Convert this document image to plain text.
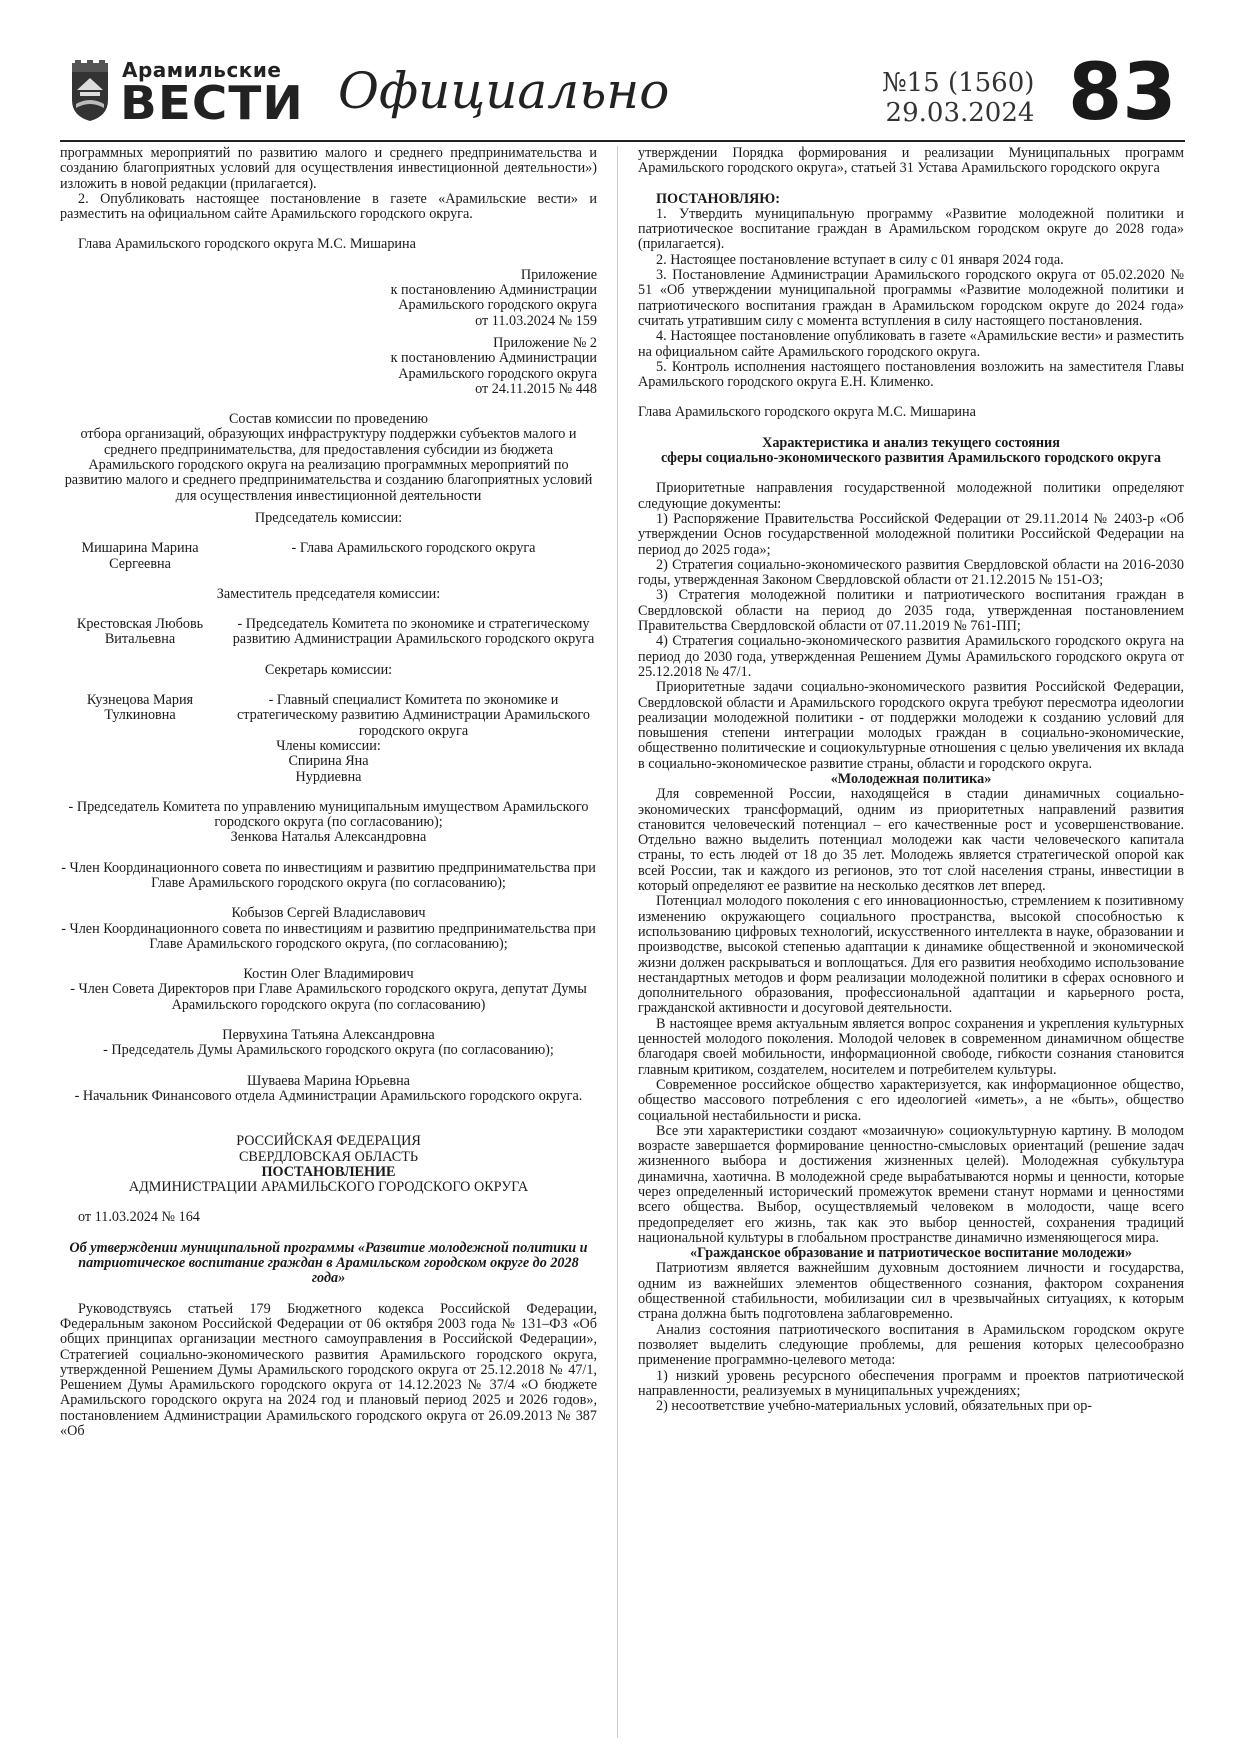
Арамильские
ВЕСТИ Официально	№15 (1560)
29.03.2024 83

программных мероприятий по развитию малого и среднего предпринимательства и созданию благоприятных условий для осуществления инвестиционной деятельности») изложить в новой редакции (прилагается).

2. Опубликовать настоящее постановление в газете «Арамильские вести» и разместить на официальном сайте Арамильского городского округа.

Глава Арамильского городского округа М.С. Мишарина

Приложение
к постановлению Администрации
Арамильского городского округа
от 11.03.2024 № 159
Приложение № 2
к постановлению Администрации
Арамильского городского округа
от 24.11.2015 № 448

Состав комиссии по проведению

отбора организаций, образующих инфраструктуру поддержки субъектов малого и среднего предпринимательства, для предоставления субсидии из бюджета Арамильского городского округа на реализацию программных мероприятий по развитию малого и среднего предпринимательства и созданию благоприятных условий для осуществления инвестиционной деятельности

Председатель комиссии:

Мишарина Марина Сергеевна
- Глава Арамильского городского округа

Заместитель председателя комиссии:

Крестовская Любовь Витальевна
- Председатель Комитета по экономике и стратегическому развитию Администрации Арамильского городского округа

Секретарь комиссии:

Кузнецова Мария Тулкиновна
- Главный специалист Комитета по экономике и стратегическому развитию Администрации Арамильского городского округа

Члены комиссии:

Спирина Яна

Нурдиевна

- Председатель Комитета по управлению муниципальным имуществом Арамильского городского округа (по согласованию);

Зенкова Наталья Александровна

- Член Координационного совета по инвестициям и развитию предпринимательства при Главе Арамильского городского округа (по согласованию);

Кобызов Сергей Владиславович

- Член Координационного совета по инвестициям и развитию предпринимательства при Главе Арамильского городского округа, (по согласованию);

Костин Олег Владимирович

- Член Совета Директоров при Главе Арамильского городского округа, депутат Думы Арамильского городского округа (по согласованию)

Первухина Татьяна Александровна

- Председатель Думы Арамильского городского округа (по согласованию);

Шуваева Марина Юрьевна

- Начальник Финансового отдела Администрации Арамильского городского округа.

РОССИЙСКАЯ ФЕДЕРАЦИЯ

СВЕРДЛОВСКАЯ ОБЛАСТЬ

ПОСТАНОВЛЕНИЕ

АДМИНИСТРАЦИИ АРАМИЛЬСКОГО ГОРОДСКОГО ОКРУГА

от 11.03.2024 № 164

Об утверждении муниципальной программы «Развитие молодежной политики и патриотическое воспитание граждан в Арамильском городском округе до 2028 года»

Руководствуясь статьей 179 Бюджетного кодекса Российской Федерации, Федеральным законом Российской Федерации от 06 октября 2003 года № 131–ФЗ «Об общих принципах организации местного самоуправления в Российской Федерации», Стратегией социально-экономического развития Арамильского городского округа, утвержденной Решением Думы Арамильского городского округа от 25.12.2018 № 47/1, Решением Думы Арамильского городского округа от 14.12.2023 № 37/4 «О бюджете Арамильского городского округа на 2024 год и плановый период 2025 и 2026 годов», постановлением Администрации Арамильского городского округа от 26.09.2013 № 387 «Об

утверждении Порядка формирования и реализации Муниципальных программ Арамильского городского округа», статьей 31 Устава Арамильского городского округа

ПОСТАНОВЛЯЮ:

1. Утвердить муниципальную программу «Развитие молодежной политики и патриотическое воспитание граждан в Арамильском городском округе до 2028 года» (прилагается).

2. Настоящее постановление вступает в силу с 01 января 2024 года.

3. Постановление Администрации Арамильского городского округа от 05.02.2020 № 51 «Об утверждении муниципальной программы «Развитие молодежной политики и патриотического воспитания граждан в Арамильском городском округе до 2024 года» считать утратившим силу с момента вступления в силу настоящего постановления.

4. Настоящее постановление опубликовать в газете «Арамильские вести» и разместить на официальном сайте Арамильского городского округа.

5. Контроль исполнения настоящего постановления возложить на заместителя Главы Арамильского городского округа Е.Н. Клименко.

Глава Арамильского городского округа М.С. Мишарина

Характеристика и анализ текущего состояния

сферы социально-экономического развития Арамильского городского округа

Приоритетные направления государственной молодежной политики определяют следующие документы:

1) Распоряжение Правительства Российской Федерации от 29.11.2014 № 2403-р «Об утверждении Основ государственной молодежной политики Российской Федерации на период до 2025 года»;

2) Стратегия социально-экономического развития Свердловской области на 2016-2030 годы, утвержденная Законом Свердловской области от 21.12.2015 № 151-ОЗ;

3) Стратегия молодежной политики и патриотического воспитания граждан в Свердловской области на период до 2035 года, утвержденная постановлением Правительства Свердловской области от 07.11.2019 № 761-ПП;

4) Стратегия социально-экономического развития Арамильского городского округа на период до 2030 года, утвержденная Решением Думы Арамильского городского округа от 25.12.2018 № 47/1.

Приоритетные задачи социально-экономического развития Российской Федерации, Свердловской области и Арамильского городского округа требуют пересмотра идеологии реализации молодежной политики - от поддержки молодежи к созданию условий для повышения степени интеграции молодых граждан в социально-экономические, общественно политические и социокультурные отношения с целью увеличения их вклада в социально-экономическое развитие страны, области и городского округа.

«Молодежная политика»

Для современной России, находящейся в стадии динамичных социально-экономических трансформаций, одним из приоритетных направлений развития становится человеческий потенциал – его качественные рост и усовершенствование. Отдельно важно выделить потенциал молодежи как части человеческого капитала страны, то есть людей от 18 до 35 лет. Молодежь является стратегической опорой как всей России, так и каждого из регионов, это тот слой населения страны, инвестиции в который определяют ее развитие на несколько десятков лет вперед.

Потенциал молодого поколения с его инновационностью, стремлением к позитивному изменению окружающего социального пространства, высокой способностью к использованию цифровых технологий, искусственного интеллекта в науке, образовании и производстве, высокой степенью адаптации к динамике общественной и экономической жизни должен раскрываться и воплощаться. Для его развития необходимо использование нестандартных методов и форм реализации молодежной политики в сферах основного и дополнительного образования, профессиональной адаптации и карьерного роста, гражданской активности и досуговой деятельности.

В настоящее время актуальным является вопрос сохранения и укрепления культурных ценностей молодого поколения. Молодой человек в современном динамичном обществе благодаря своей мобильности, информационной свободе, гибкости сознания становится главным критиком, создателем, носителем и потребителем культуры.

Современное российское общество характеризуется, как информационное общество, общество массового потребления с его идеологией «иметь», а не «быть», общество социальной нестабильности и риска.

Все эти характеристики создают «мозаичную» социокультурную картину. В молодом возрасте завершается формирование ценностно-смысловых ориентаций (решение задач жизненного выбора и достижения жизненных целей). Молодежная субкультура динамична, хаотична. В молодежной среде вырабатываются нормы и ценности, которые через определенный исторический промежуток времени станут нормами и ценностями всего общества. Выбор, осуществляемый человеком в молодости, чаще всего предопределяет его жизнь, так как это выбор ценностей, сохранения традиций национальной культуры в глобальном пространстве динамично изменяющегося мира.

«Гражданское образование и патриотическое воспитание молодежи»

Патриотизм является важнейшим духовным достоянием личности и государства, одним из важнейших элементов общественного сознания, фактором сохранения общественной стабильности, мобилизации сил в чрезвычайных ситуациях, к которым страна должна быть подготовлена заблаговременно.

Анализ состояния патриотического воспитания в Арамильском городском округе позволяет выделить следующие проблемы, для решения которых целесообразно применение программно-целевого метода:

1) низкий уровень ресурсного обеспечения программ и проектов патриотической направленности, реализуемых в муниципальных учреждениях;

2) несоответствие учебно-материальных условий, обязательных при ор-
